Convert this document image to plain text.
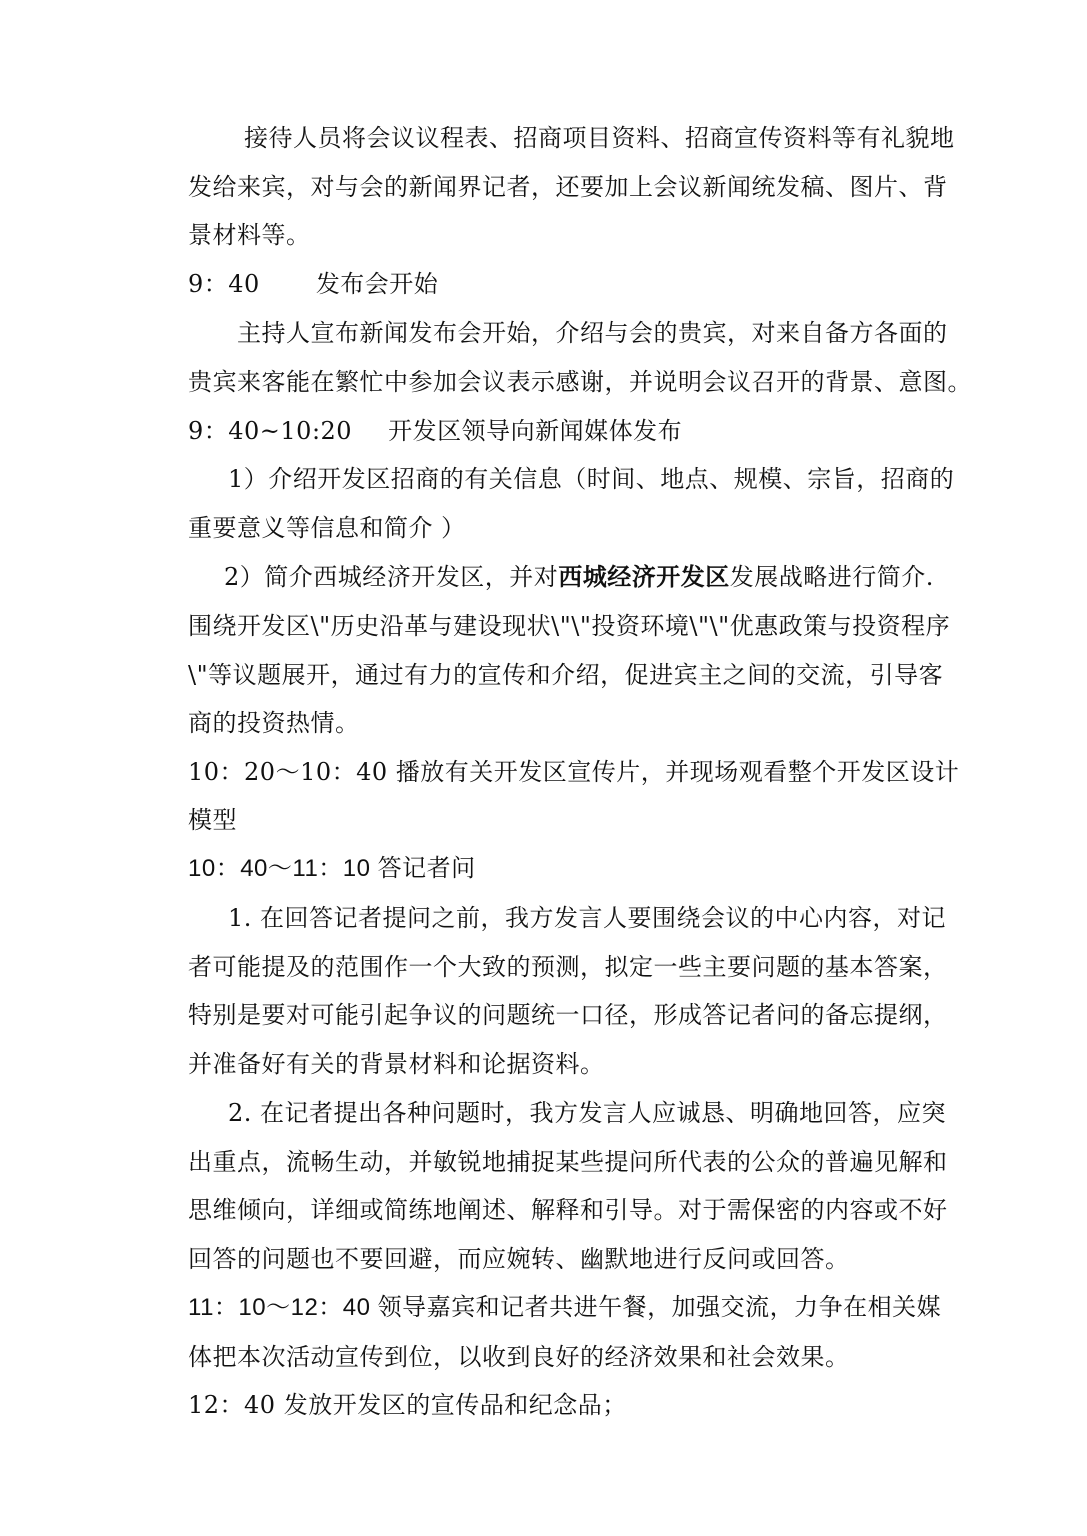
接待人员将会议议程表、招商项目资料、招商宣传资料等有礼貌地
发给来宾，对与会的新闻界记者，还要加上会议新闻统发稿、图片、背
景材料等。
9：40 发布会开始
主持人宣布新闻发布会开始，介绍与会的贵宾，对来自备方各面的
贵宾来客能在繁忙中参加会议表示感谢，并说明会议召开的背景、意图。
9：40~10:20 开发区领导向新闻媒体发布
1）介绍开发区招商的有关信息（时间、地点、规模、宗旨，招商的
重要意义等信息和简介 ）
2）简介西城经济开发区，并对西城经济开发区发展战略进行简介.
围绕开发区\"历史沿革与建设现状\"\"投资环境\"\"优惠政策与投资程序
\"等议题展开，通过有力的宣传和介绍，促进宾主之间的交流，引导客
商的投资热情。
10：20～10：40 播放有关开发区宣传片，并现场观看整个开发区设计
模型
10：40～11：10 答记者问
1. 在回答记者提问之前，我方发言人要围绕会议的中心内容，对记
者可能提及的范围作一个大致的预测，拟定一些主要问题的基本答案，
特别是要对可能引起争议的问题统一口径，形成答记者问的备忘提纲，
并准备好有关的背景材料和论据资料。
2. 在记者提出各种问题时，我方发言人应诚恳、明确地回答，应突
出重点，流畅生动，并敏锐地捕捉某些提问所代表的公众的普遍见解和
思维倾向，详细或简练地阐述、解释和引导。对于需保密的内容或不好
回答的问题也不要回避，而应婉转、幽默地进行反问或回答。
11：10～12：40 领导嘉宾和记者共进午餐，加强交流，力争在相关媒
体把本次活动宣传到位，以收到良好的经济效果和社会效果。
12：40 发放开发区的宣传品和纪念品；
